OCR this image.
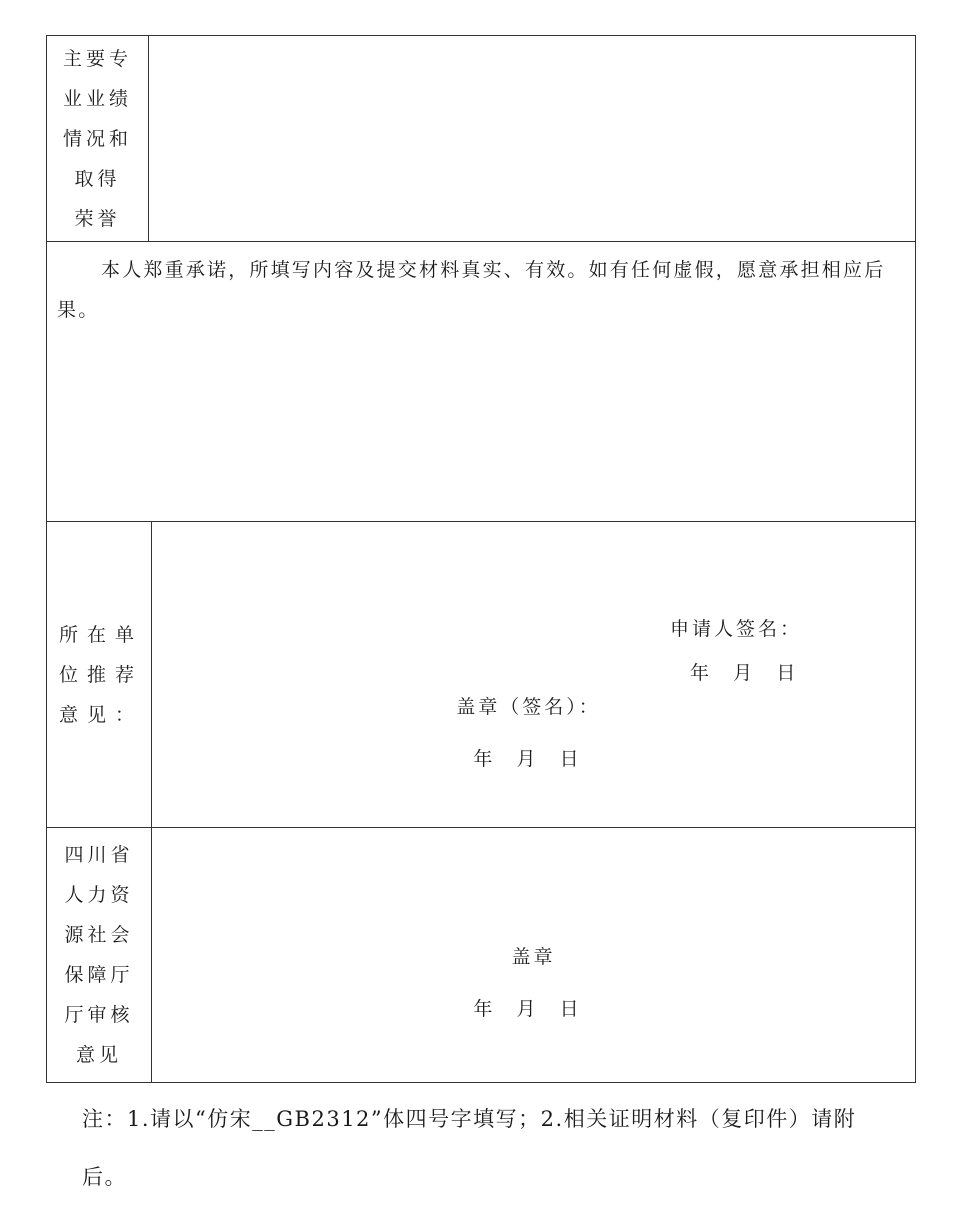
主要专
业业绩
情况和
取得
荣誉

本人郑重承诺，所填写内容及提交材料真实、有效。如有任何虚假，愿意承担相应后果。

申请人签名：
年    月    日
所在单
位推荐
意见：	盖章（签名）：
年    月    日
四川省
人力资
源社会
保障厅
厅审核
意见
盖章
年    月    日

注：1.请以“仿宋__GB2312”体四号字填写；2.相关证明材料（复印件）请附后。
